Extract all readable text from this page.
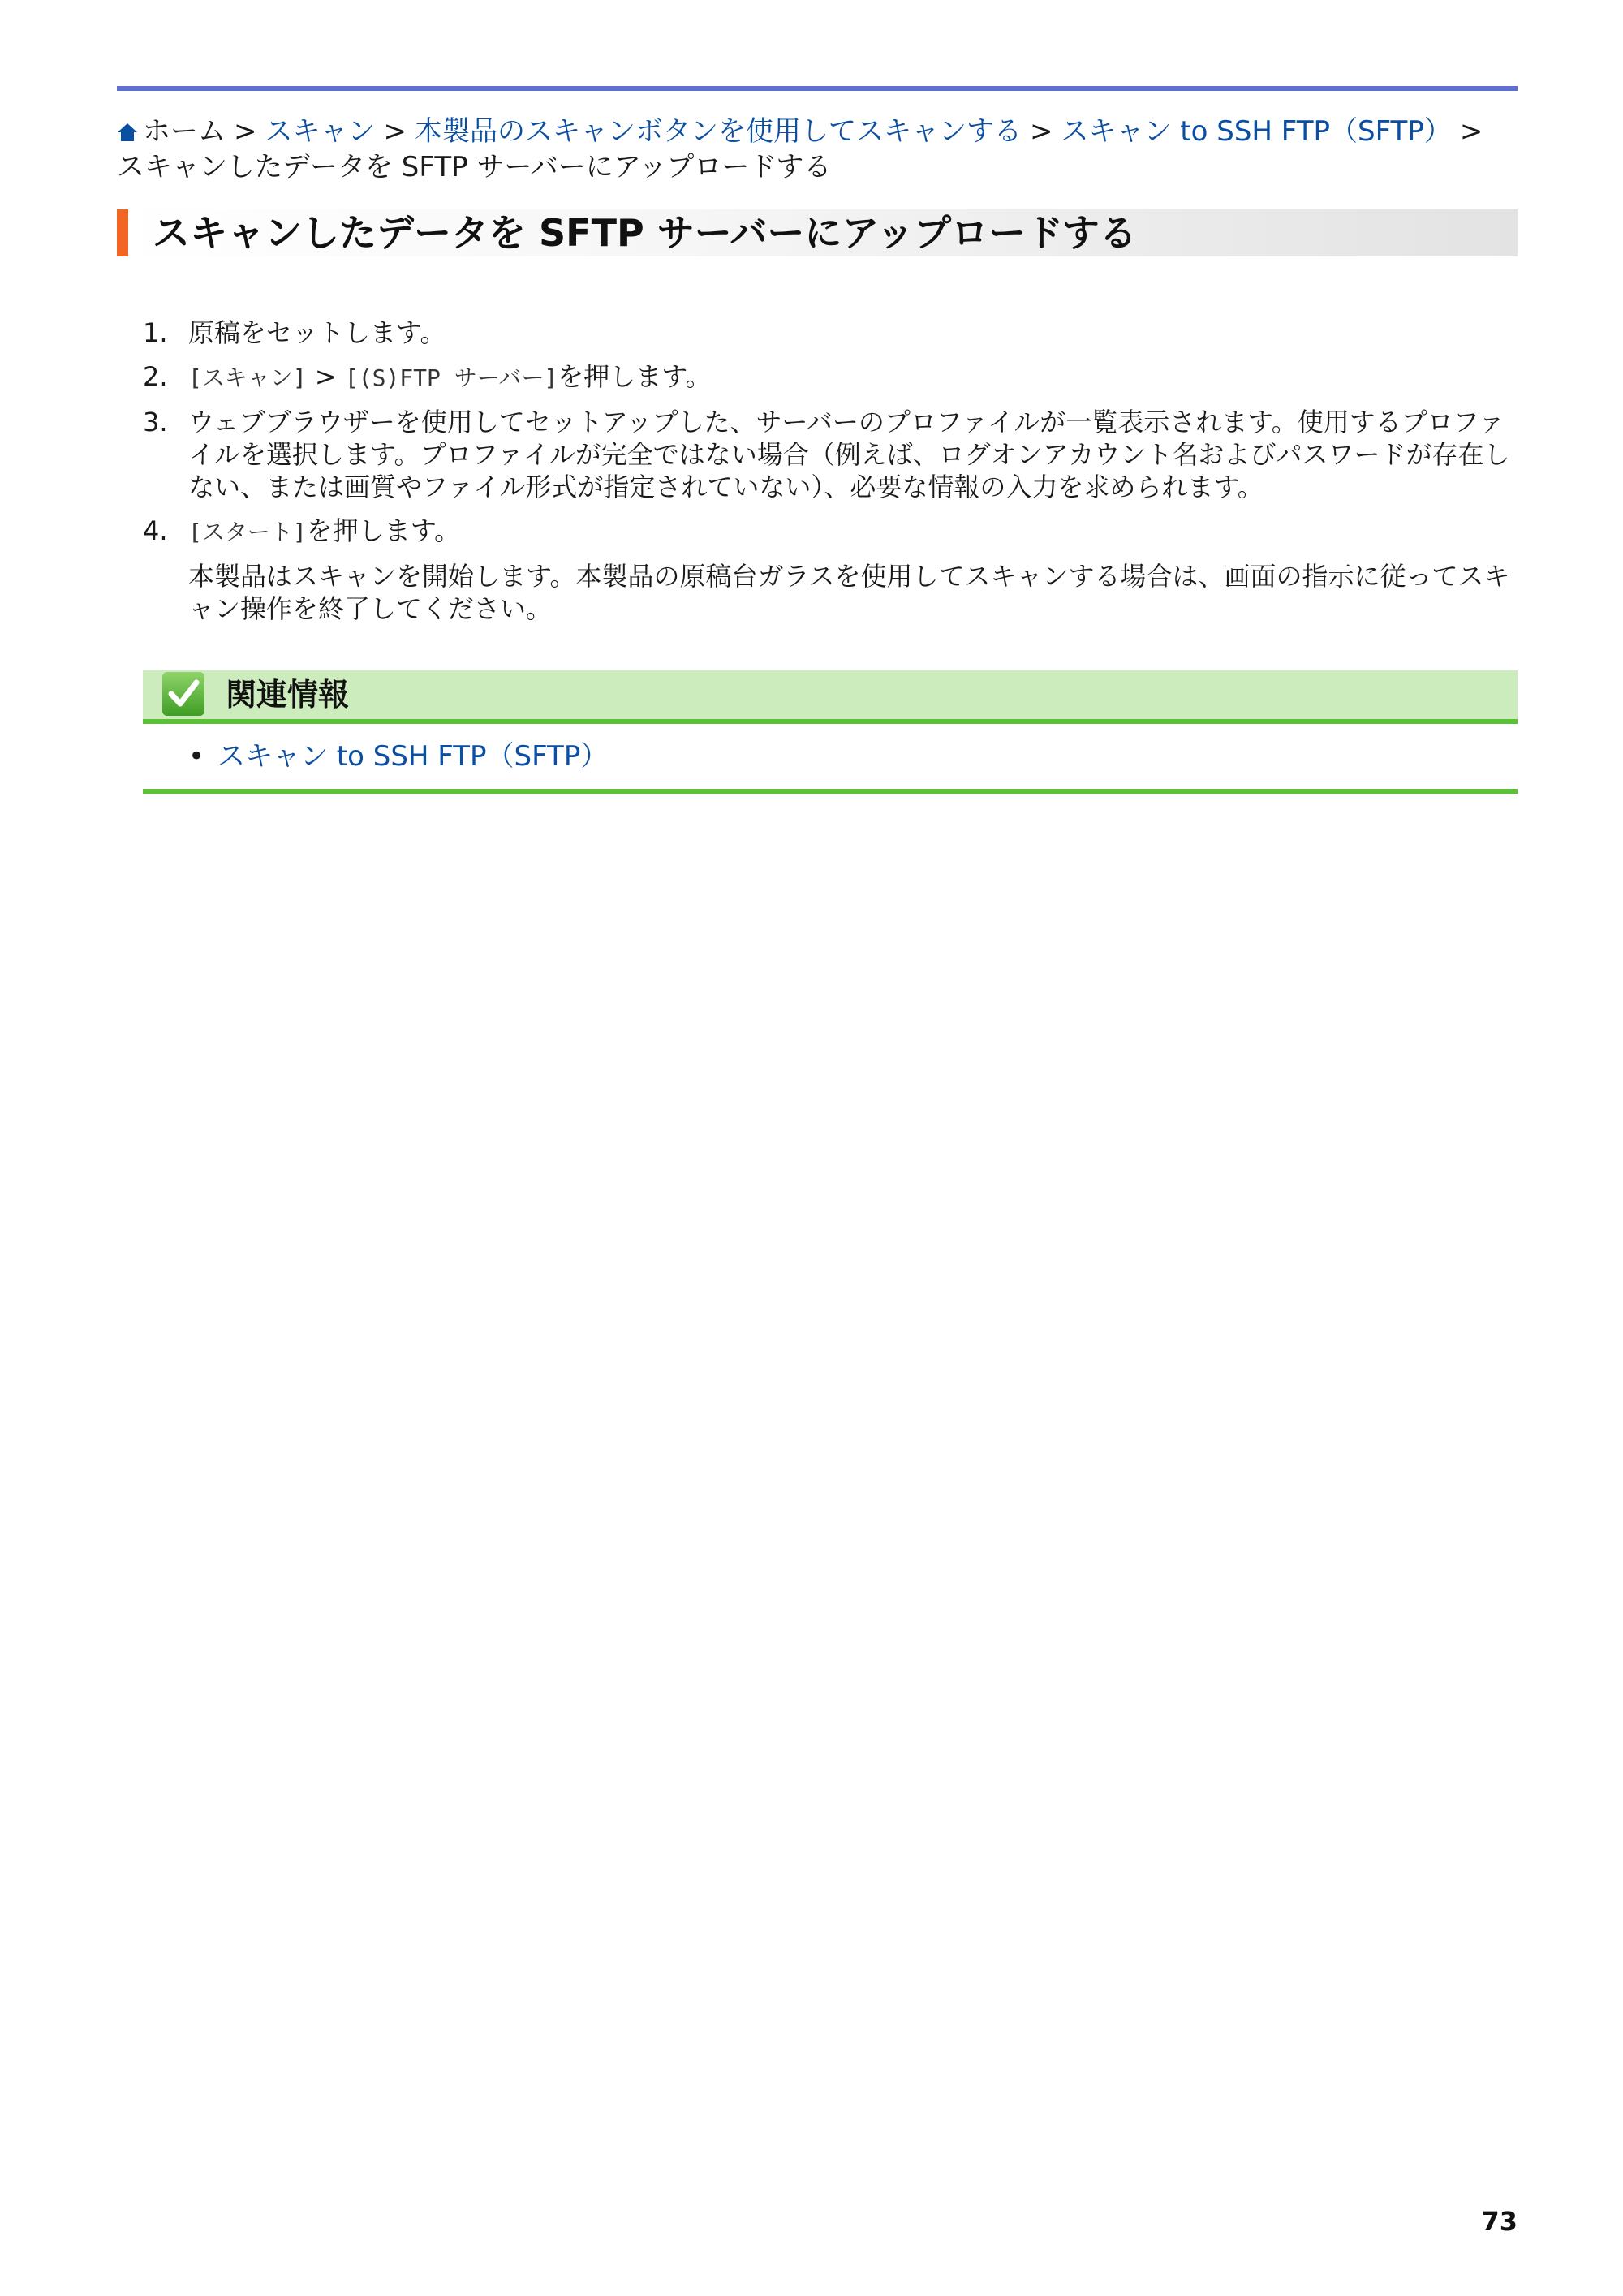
ホーム > スキャン > 本製品のスキャンボタンを使用してスキャンする > スキャン to SSH FTP（SFTP） >スキャンしたデータを SFTP サーバーにアップロードする
スキャンしたデータを SFTP サーバーにアップロードする
1. 原稿をセットします。
2. [スキャン] > [(S)FTP サーバー]を押します。
3. ウェブブラウザーを使用してセットアップした、サーバーのプロファイルが一覧表示されます。使用するプロファイルを選択します。プロファイルが完全ではない場合（例えば、ログオンアカウント名およびパスワードが存在しない、または画質やファイル形式が指定されていない）、必要な情報の入力を求められます。
4. [スタート]を押します。
本製品はスキャンを開始します。本製品の原稿台ガラスを使用してスキャンする場合は、画面の指示に従ってスキャン操作を終了してください。
関連情報
• スキャン to SSH FTP（SFTP）
73
